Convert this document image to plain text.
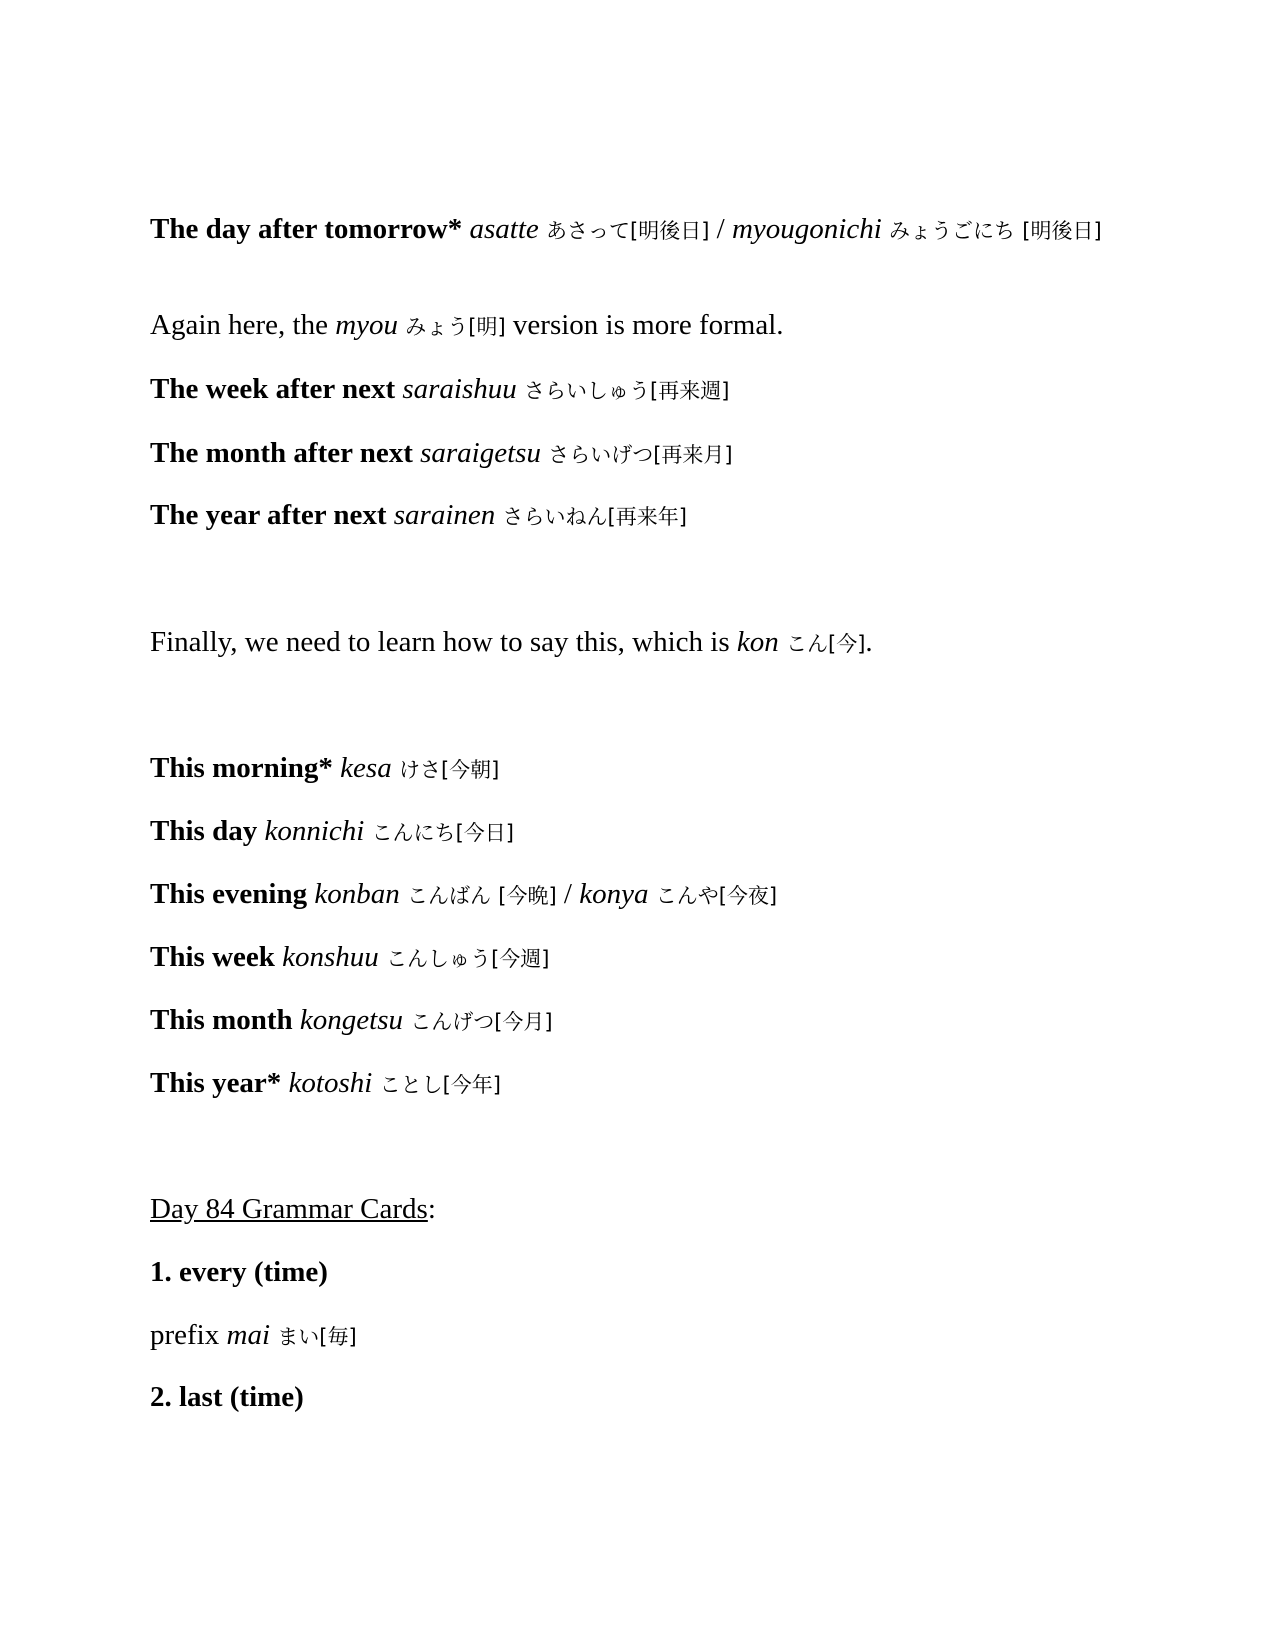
The day after tomorrow* asatte あさって[明後日] / myougonichi みょうごにち [明後日]
Again here, the myou みょう[明] version is more formal.
The week after next saraishuu さらいしゅう[再来週]
The month after next saraigetsu さらいげつ[再来月]
The year after next sarainen さらいねん[再来年]
Finally, we need to learn how to say this, which is kon こん[今].
This morning* kesa けさ[今朝]
This day konnichi こんにち[今日]
This evening konban こんばん [今晩] / konya こんや[今夜]
This week konshuu こんしゅう[今週]
This month kongetsu こんげつ[今月]
This year* kotoshi ことし[今年]
Day 84 Grammar Cards:
1. every (time)
prefix mai まい[毎]
2. last (time)
